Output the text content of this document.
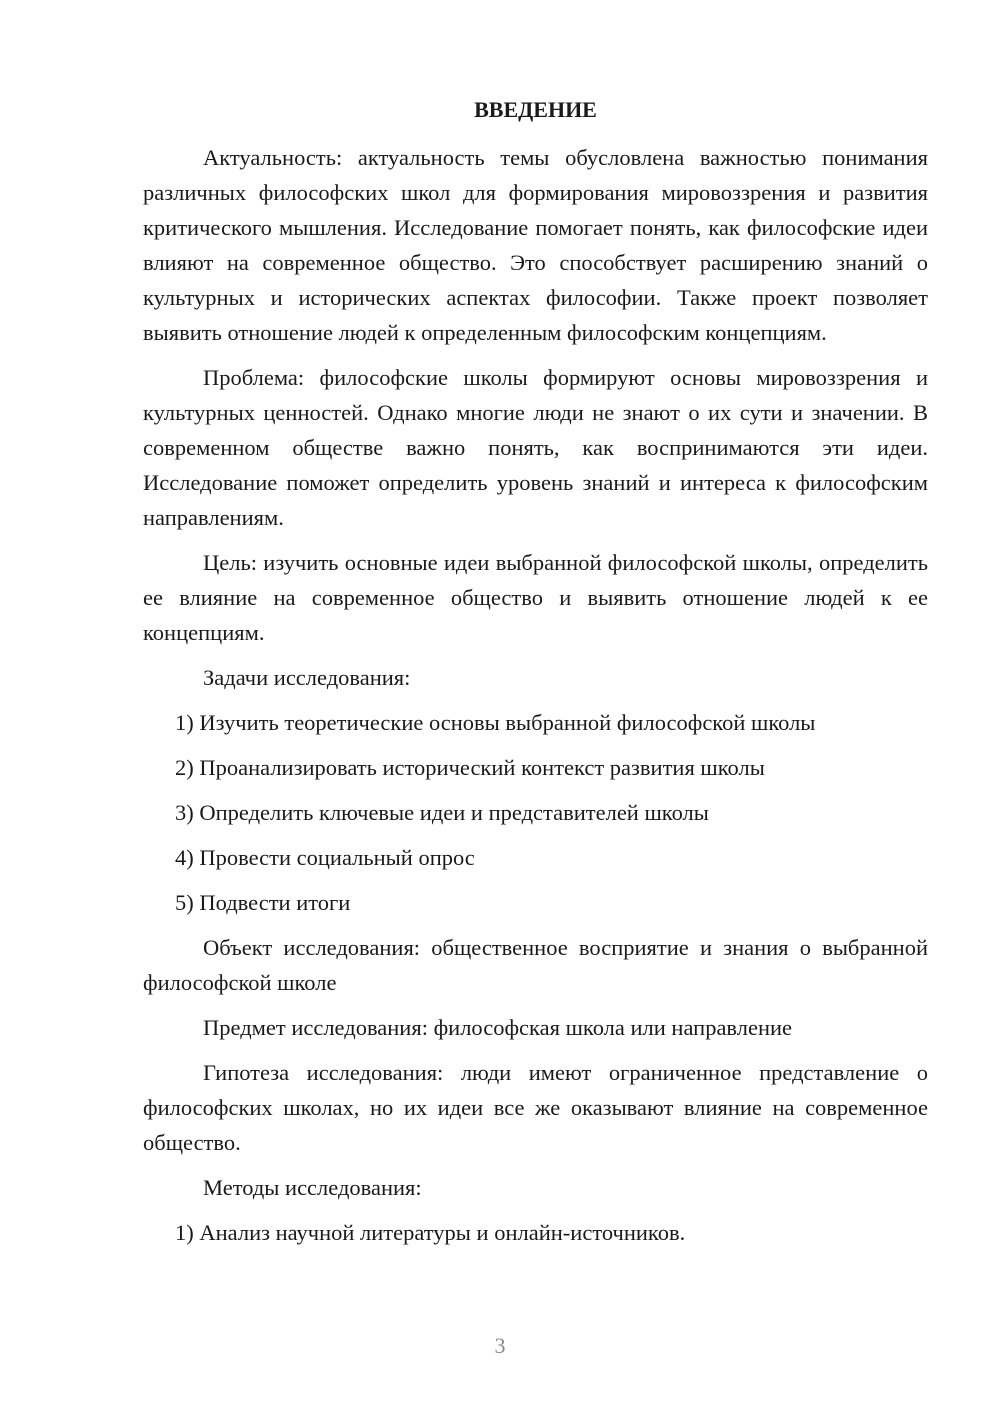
ВВЕДЕНИЕ
Актуальность: актуальность темы обусловлена важностью понимания различных философских школ для формирования мировоззрения и развития критического мышления. Исследование помогает понять, как философские идеи влияют на современное общество. Это способствует расширению знаний о культурных и исторических аспектах философии. Также проект позволяет выявить отношение людей к определенным философским концепциям.
Проблема: философские школы формируют основы мировоззрения и культурных ценностей. Однако многие люди не знают о их сути и значении. В современном обществе важно понять, как воспринимаются эти идеи. Исследование поможет определить уровень знаний и интереса к философским направлениям.
Цель: изучить основные идеи выбранной философской школы, определить ее влияние на современное общество и выявить отношение людей к ее концепциям.
Задачи исследования:
1) Изучить теоретические основы выбранной философской школы
2) Проанализировать исторический контекст развития школы
3) Определить ключевые идеи и представителей школы
4) Провести социальный опрос
5) Подвести итоги
Объект исследования: общественное восприятие и знания о выбранной философской школе
Предмет исследования: философская школа или направление
Гипотеза исследования: люди имеют ограниченное представление о философских школах, но их идеи все же оказывают влияние на современное общество.
Методы исследования:
1) Анализ научной литературы и онлайн-источников.
3
